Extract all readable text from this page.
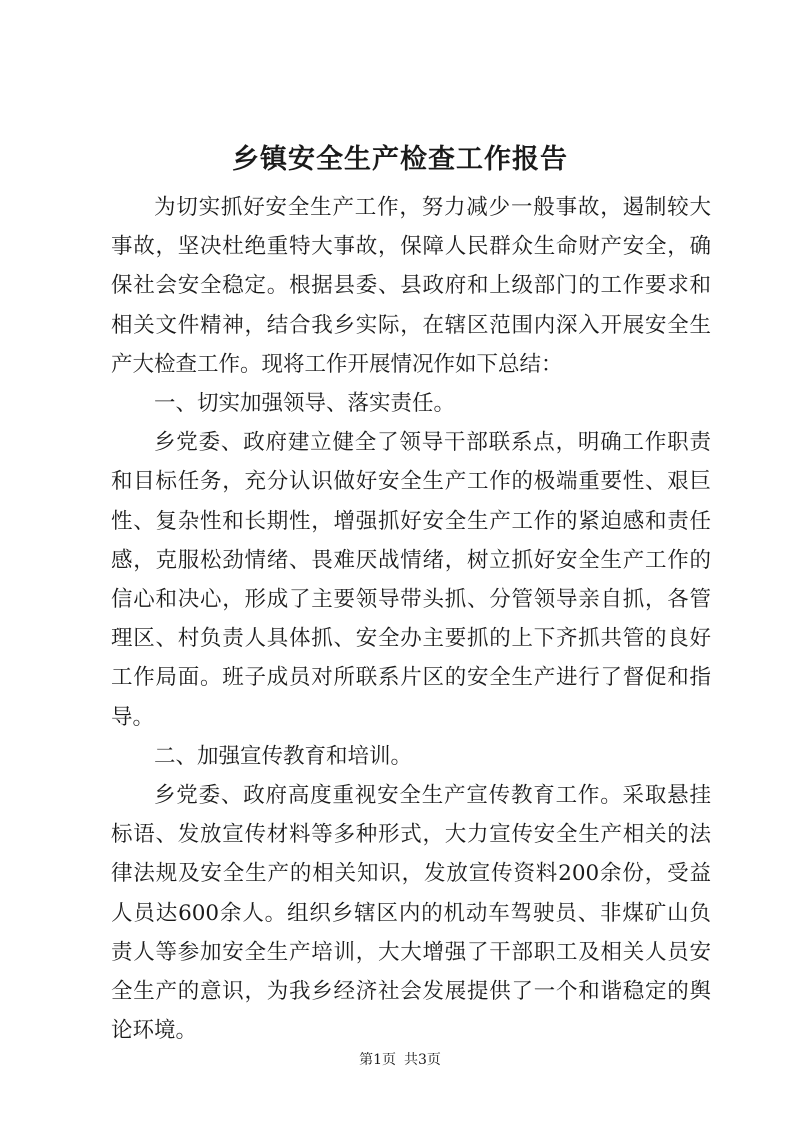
乡镇安全生产检查工作报告

为切实抓好安全生产工作，努力减少一般事故，遏制较大事故，坚决杜绝重特大事故，保障人民群众生命财产安全，确保社会安全稳定。根据县委、县政府和上级部门的工作要求和相关文件精神，结合我乡实际，在辖区范围内深入开展安全生产大检查工作。现将工作开展情况作如下总结：

一、切实加强领导、落实责任。

乡党委、政府建立健全了领导干部联系点，明确工作职责和目标任务，充分认识做好安全生产工作的极端重要性、艰巨性、复杂性和长期性，增强抓好安全生产工作的紧迫感和责任感，克服松劲情绪、畏难厌战情绪，树立抓好安全生产工作的信心和决心，形成了主要领导带头抓、分管领导亲自抓，各管理区、村负责人具体抓、安全办主要抓的上下齐抓共管的良好工作局面。班子成员对所联系片区的安全生产进行了督促和指导。

二、加强宣传教育和培训。

乡党委、政府高度重视安全生产宣传教育工作。采取悬挂标语、发放宣传材料等多种形式，大力宣传安全生产相关的法律法规及安全生产的相关知识，发放宣传资料200余份，受益人员达600余人。组织乡辖区内的机动车驾驶员、非煤矿山负责人等参加安全生产培训，大大增强了干部职工及相关人员安全生产的意识，为我乡经济社会发展提供了一个和谐稳定的舆论环境。

第1页 共3页
